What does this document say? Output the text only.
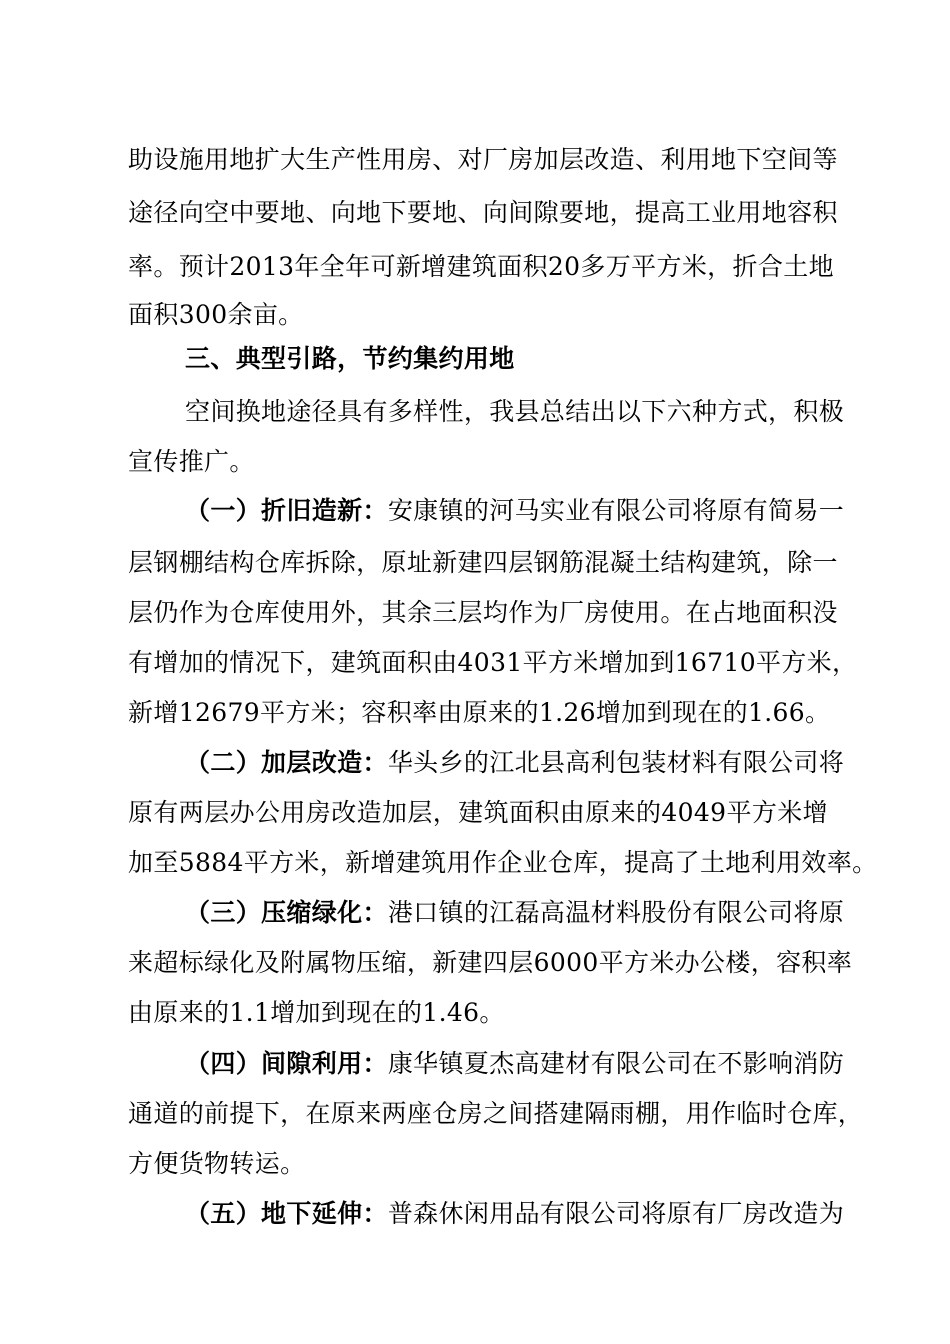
助设施用地扩大生产性用房、对厂房加层改造、利用地下空间等
途径向空中要地、向地下要地、向间隙要地，提高工业用地容积
率。预计2013年全年可新增建筑面积20多万平方米，折合土地
面积300余亩。
三、典型引路，节约集约用地
空间换地途径具有多样性，我县总结出以下六种方式，积极
宣传推广。
（一）折旧造新：安康镇的河马实业有限公司将原有简易一
层钢棚结构仓库拆除，原址新建四层钢筋混凝土结构建筑，除一
层仍作为仓库使用外，其余三层均作为厂房使用。在占地面积没
有增加的情况下，建筑面积由4031平方米增加到16710平方米，
新增12679平方米；容积率由原来的1.26增加到现在的1.66。
（二）加层改造：华头乡的江北县高利包装材料有限公司将
原有两层办公用房改造加层，建筑面积由原来的4049平方米增
加至5884平方米，新增建筑用作企业仓库，提高了土地利用效率。
（三）压缩绿化：港口镇的江磊高温材料股份有限公司将原
来超标绿化及附属物压缩，新建四层6000平方米办公楼，容积率
由原来的1.1增加到现在的1.46。
（四）间隙利用：康华镇夏杰高建材有限公司在不影响消防
通道的前提下，在原来两座仓房之间搭建隔雨棚，用作临时仓库，
方便货物转运。
（五）地下延伸：普森休闲用品有限公司将原有厂房改造为
